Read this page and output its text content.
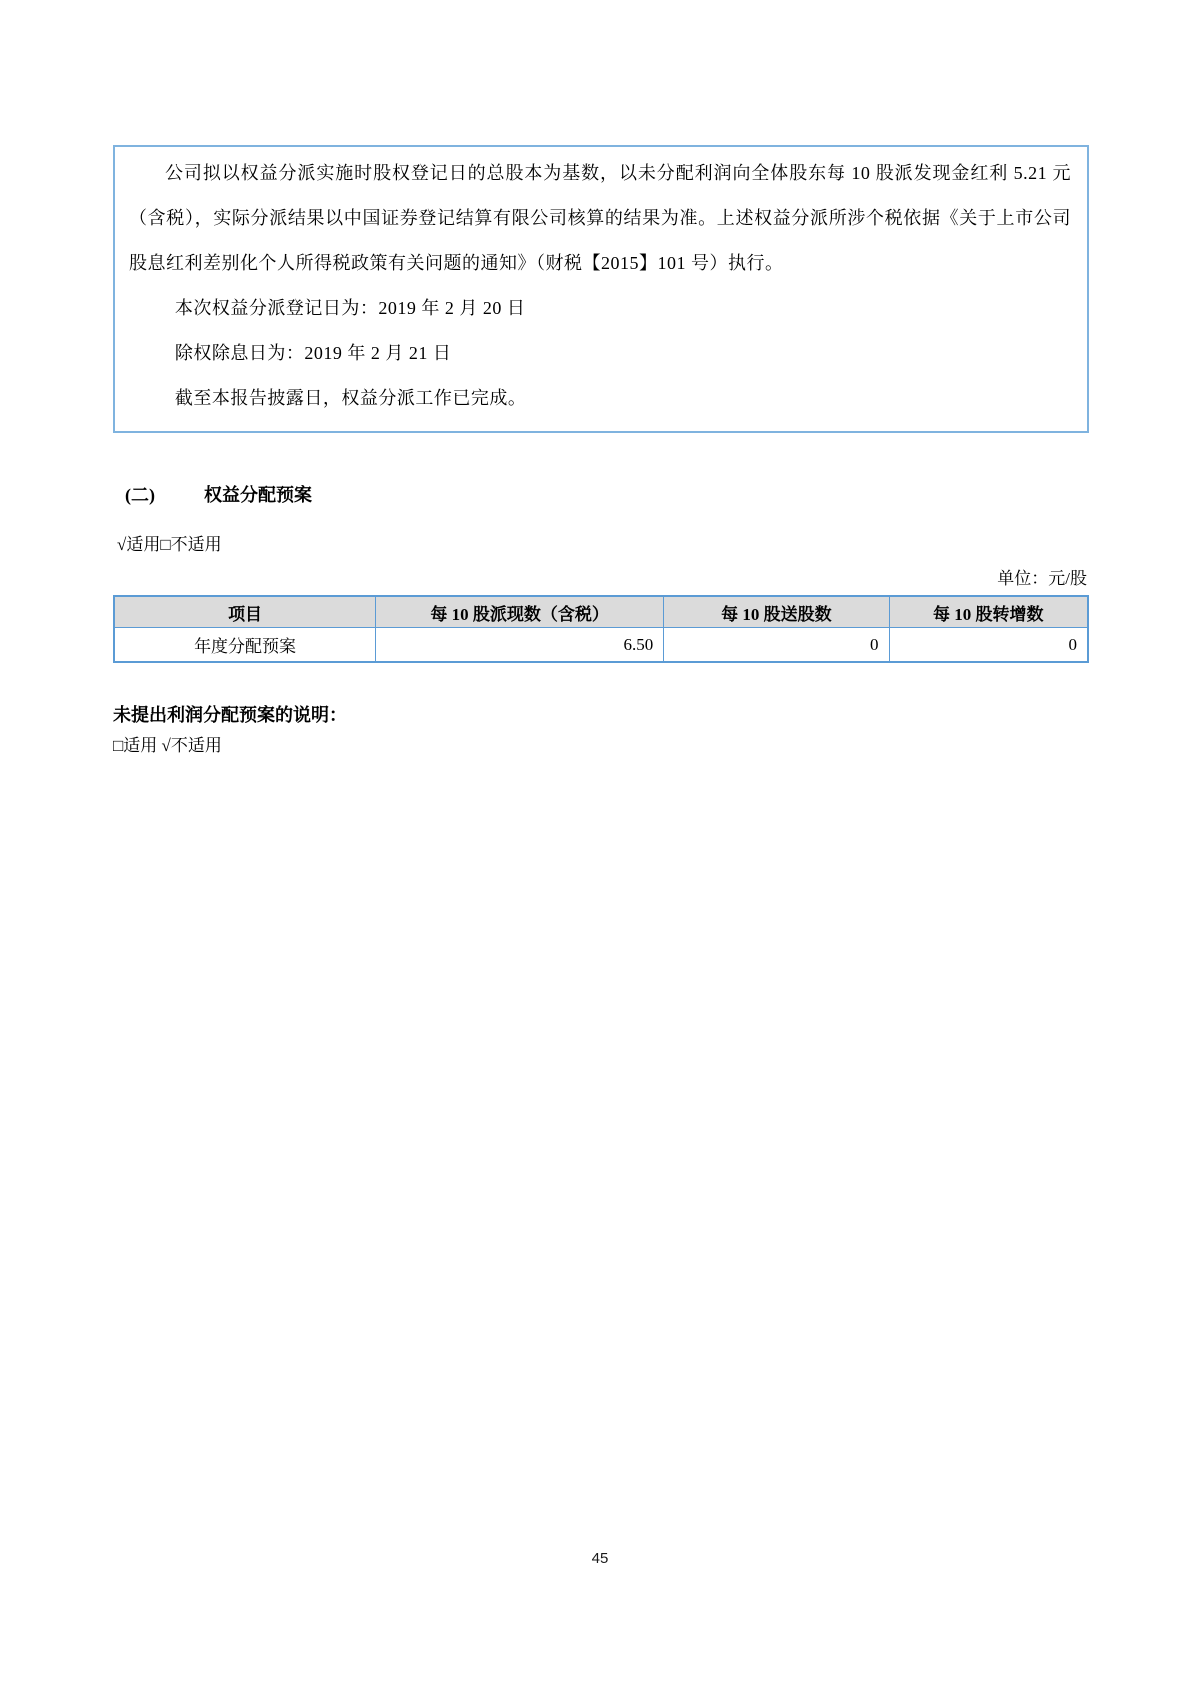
公司拟以权益分派实施时股权登记日的总股本为基数，以未分配利润向全体股东每 10 股派发现金红利 5.21 元（含税），实际分派结果以中国证券登记结算有限公司核算的结果为准。上述权益分派所涉个税依据《关于上市公司股息红利差别化个人所得税政策有关问题的通知》（财税【2015】101 号）执行。

本次权益分派登记日为：2019 年 2 月 20 日
除权除息日为：2019 年 2 月 21 日
截至本报告披露日，权益分派工作已完成。
(二)	权益分配预案
√适用□不适用
单位：元/股
项目	每 10 股派现数（含税）	每 10 股送股数	每 10 股转增数
年度分配预案	6.50	0	0
未提出利润分配预案的说明：
□适用 √不适用
45
